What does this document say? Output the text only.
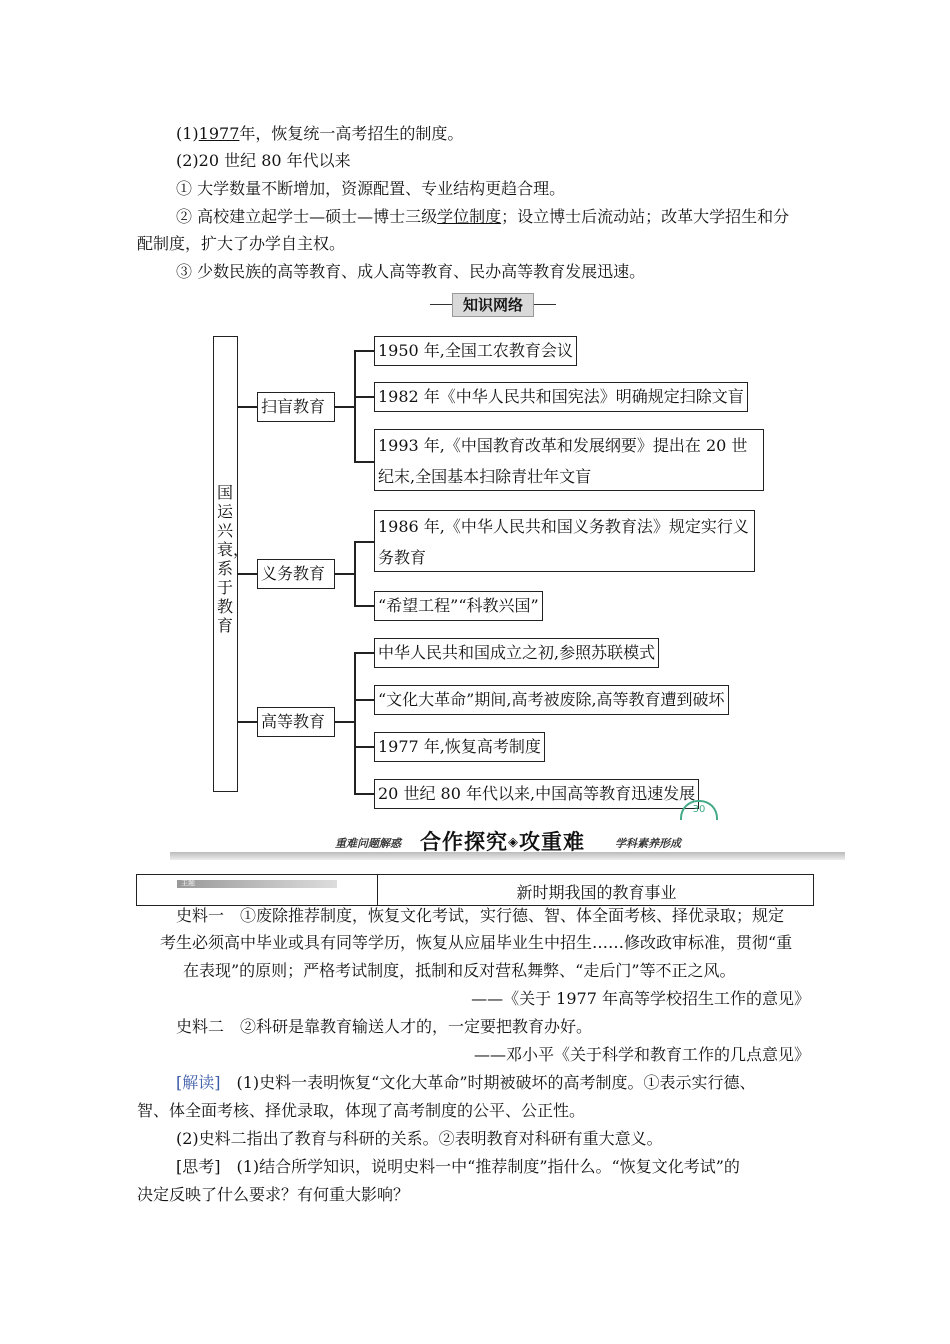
(1)1977年，恢复统一高考招生的制度。
(2)20 世纪 80 年代以来
① 大学数量不断增加，资源配置、专业结构更趋合理。
② 高校建立起学士—硕士—博士三级学位制度；设立博士后流动站；改革大学招生和分
配制度，扩大了办学自主权。
③ 少数民族的高等教育、成人高等教育、民办高等教育发展迅速。
知识网络
国运兴衰，系于教育
扫盲教育
义务教育
高等教育
1950 年,全国工农教育会议
1982 年《中华人民共和国宪法》明确规定扫除文盲
1993 年,《中国教育改革和发展纲要》提出在 20 世纪末,全国基本扫除青壮年文盲
1986 年,《中华人民共和国义务教育法》规定实行义务教育
“希望工程”“科教兴国”
中华人民共和国成立之初,参照苏联模式
“文化大革命”期间,高考被废除,高等教育遭到破坏
1977 年,恢复高考制度
20 世纪 80 年代以来,中国高等教育迅速发展
30
重难问题解惑 合作探究◈攻重难	学科素养形成
主题	新时期我国的教育事业
史料一　①废除推荐制度，恢复文化考试，实行德、智、体全面考核、择优录取；规定
考生必须高中毕业或具有同等学历，恢复从应届毕业生中招生……修改政审标准，贯彻“重
在表现”的原则；严格考试制度，抵制和反对营私舞弊、“走后门”等不正之风。
——《关于 1977 年高等学校招生工作的意见》
史料二　②科研是靠教育输送人才的，一定要把教育办好。
——邓小平《关于科学和教育工作的几点意见》
[解读]　(1)史料一表明恢复“文化大革命”时期被破坏的高考制度。①表示实行德、
智、体全面考核、择优录取，体现了高考制度的公平、公正性。
(2)史料二指出了教育与科研的关系。②表明教育对科研有重大意义。
[思考]　(1)结合所学知识，说明史料一中“推荐制度”指什么。“恢复文化考试”的
决定反映了什么要求？有何重大影响？
